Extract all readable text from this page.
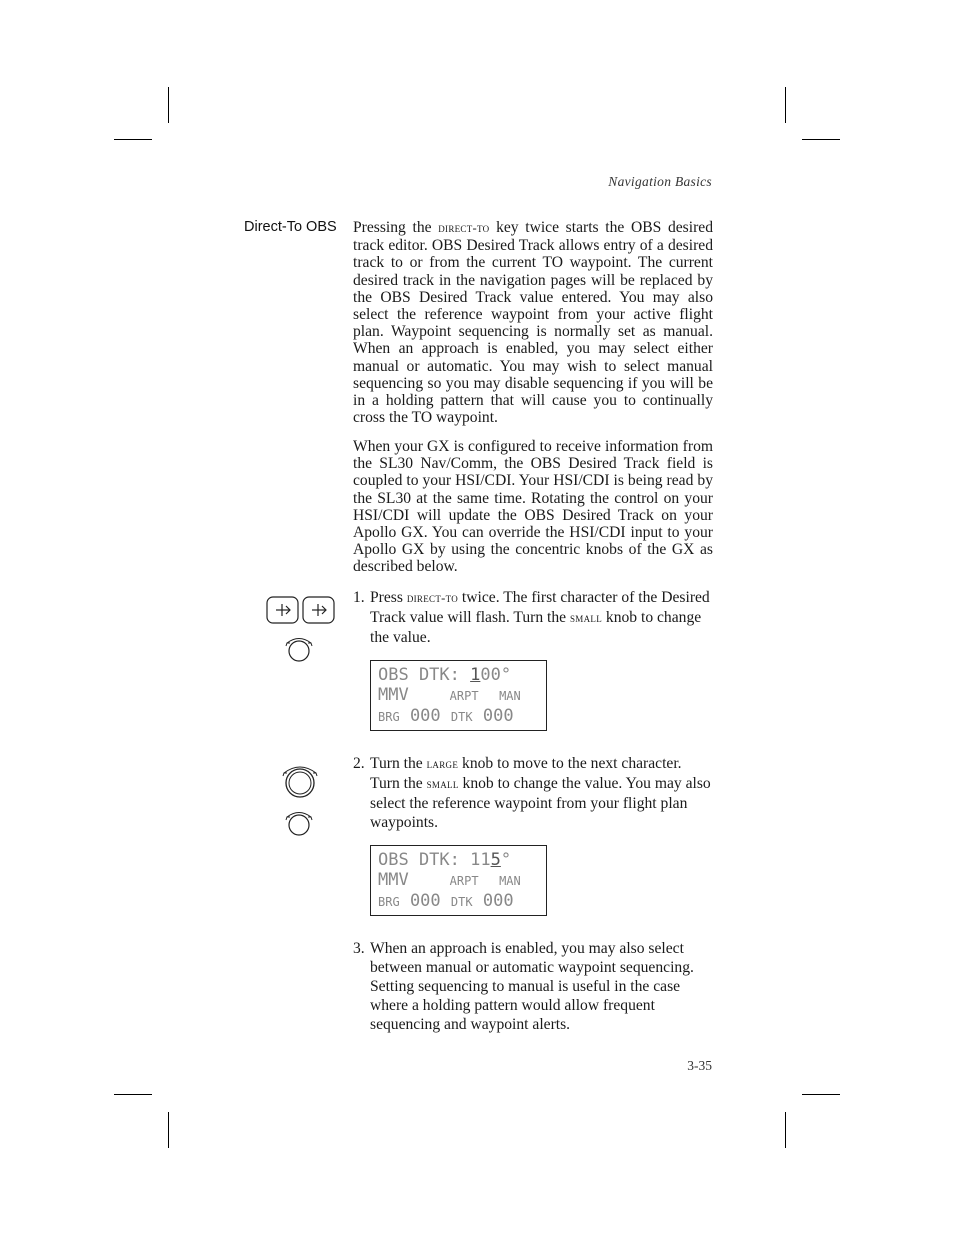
Navigation Basics
Direct-To OBS Pressing the direct-to key twice starts the OBS desired track editor. OBS Desired Track allows entry of a desired track to or from the current TO waypoint. The current desired track in the navigation pages will be replaced by the OBS Desired Track value entered. You may also select the reference waypoint from your active flight plan. Waypoint sequencing is normally set as manual. When an approach is enabled, you may select either manual or automatic. You may wish to select manual sequencing so you may disable sequencing if you will be in a holding pattern that will cause you to continually cross the TO waypoint.
When your GX is configured to receive information from the SL30 Nav/Comm, the OBS Desired Track field is coupled to your HSI/CDI. Your HSI/CDI is being read by the SL30 at the same time. Rotating the control on your HSI/CDI will update the OBS Desired Track on your Apollo GX. You can override the HSI/CDI input to your Apollo GX by using the concentric knobs of the GX as described below.
1. Press direct-to twice. The first character of the Desired Track value will flash. Turn the small knob to change the value.
OBS DTK: 100°
MMV	ARPT MAN
BRG 000 DTK 000
2. Turn the large knob to move to the next character. Turn the small knob to change the value. You may also select the reference waypoint from your flight plan waypoints.
OBS DTK: 115°
MMV	ARPT MAN
BRG 000 DTK 000
3. When an approach is enabled, you may also select between manual or automatic waypoint sequencing. Setting sequencing to manual is useful in the case where a holding pattern would allow frequent sequencing and waypoint alerts.
3-35
